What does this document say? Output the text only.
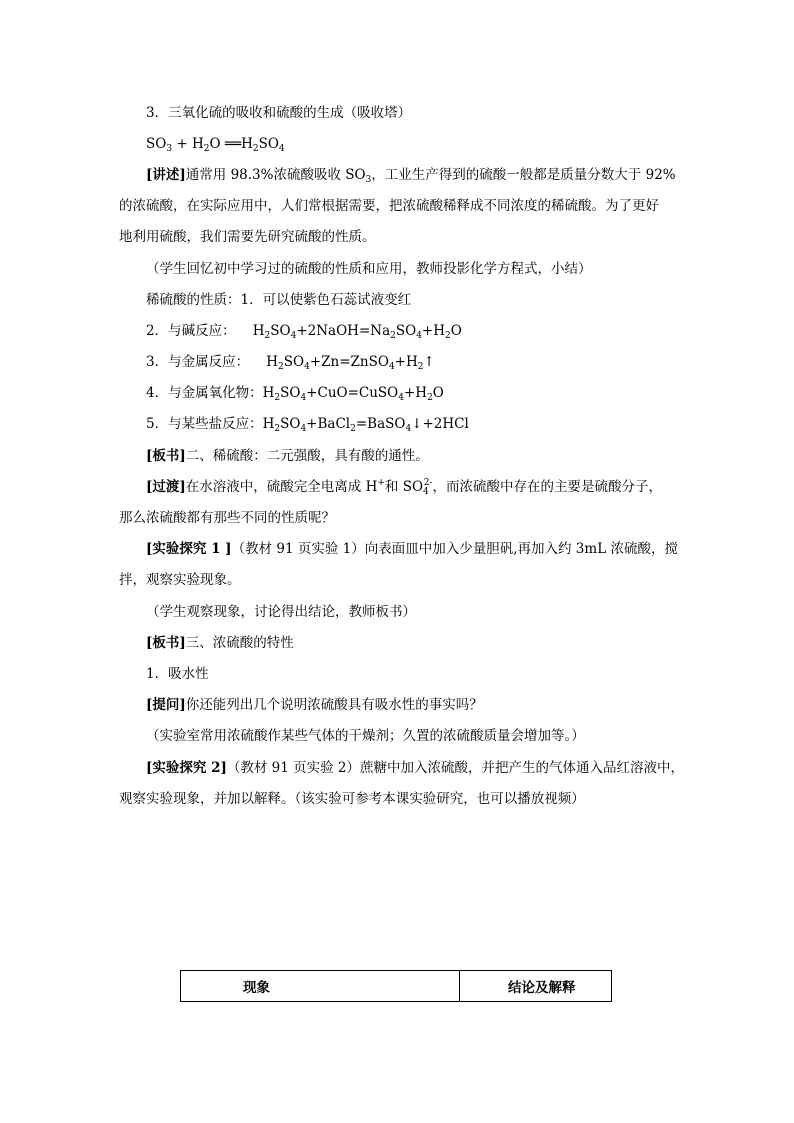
3．三氧化硫的吸收和硫酸的生成（吸收塔）
$SO_3 + H_2O$ $══H_2SO_4$
[讲述]通常用 98.3%浓硫酸吸收 $SO_3$，工业生产得到的硫酸一般都是质量分数大于 92%
的浓硫酸，在实际应用中，人们常根据需要，把浓硫酸稀释成不同浓度的稀硫酸。为了更好
地利用硫酸，我们需要先研究硫酸的性质。
（学生回忆初中学习过的硫酸的性质和应用，教师投影化学方程式，小结）
稀硫酸的性质：1．可以使紫色石蕊试液变红
2．与碱反应： $H_2SO_4+2NaOH=Na_2SO_4+H_2O$
3．与金属反应： $H_2SO_4+Zn=ZnSO_4+H_2↑$
4．与金属氧化物：$H_2SO_4+CuO=CuSO_4+H_2O$
5．与某些盐反应：$H_2SO_4+BaCl_2=BaSO_4↓+2HCl$
[板书]二、稀硫酸：二元强酸，具有酸的通性。
[过渡]在水溶液中，硫酸完全电离成 H+和 $SO_4^{2-}$，而浓硫酸中存在的主要是硫酸分子，
那么浓硫酸都有那些不同的性质呢？
[实验探究 1 ]（教材 91 页实验 1）向表面皿中加入少量胆矾,再加入约 3mL 浓硫酸，搅
拌，观察实验现象。
（学生观察现象，讨论得出结论，教师板书）
[板书]三、浓硫酸的特性
1．吸水性
[提问]你还能列出几个说明浓硫酸具有吸水性的事实吗？
（实验室常用浓硫酸作某些气体的干燥剂；久置的浓硫酸质量会增加等。）
[实验探究 2]（教材 91 页实验 2）蔗糖中加入浓硫酸，并把产生的气体通入品红溶液中，
观察实验现象，并加以解释。（该实验可参考本课实验研究，也可以播放视频）
现象	结论及解释
